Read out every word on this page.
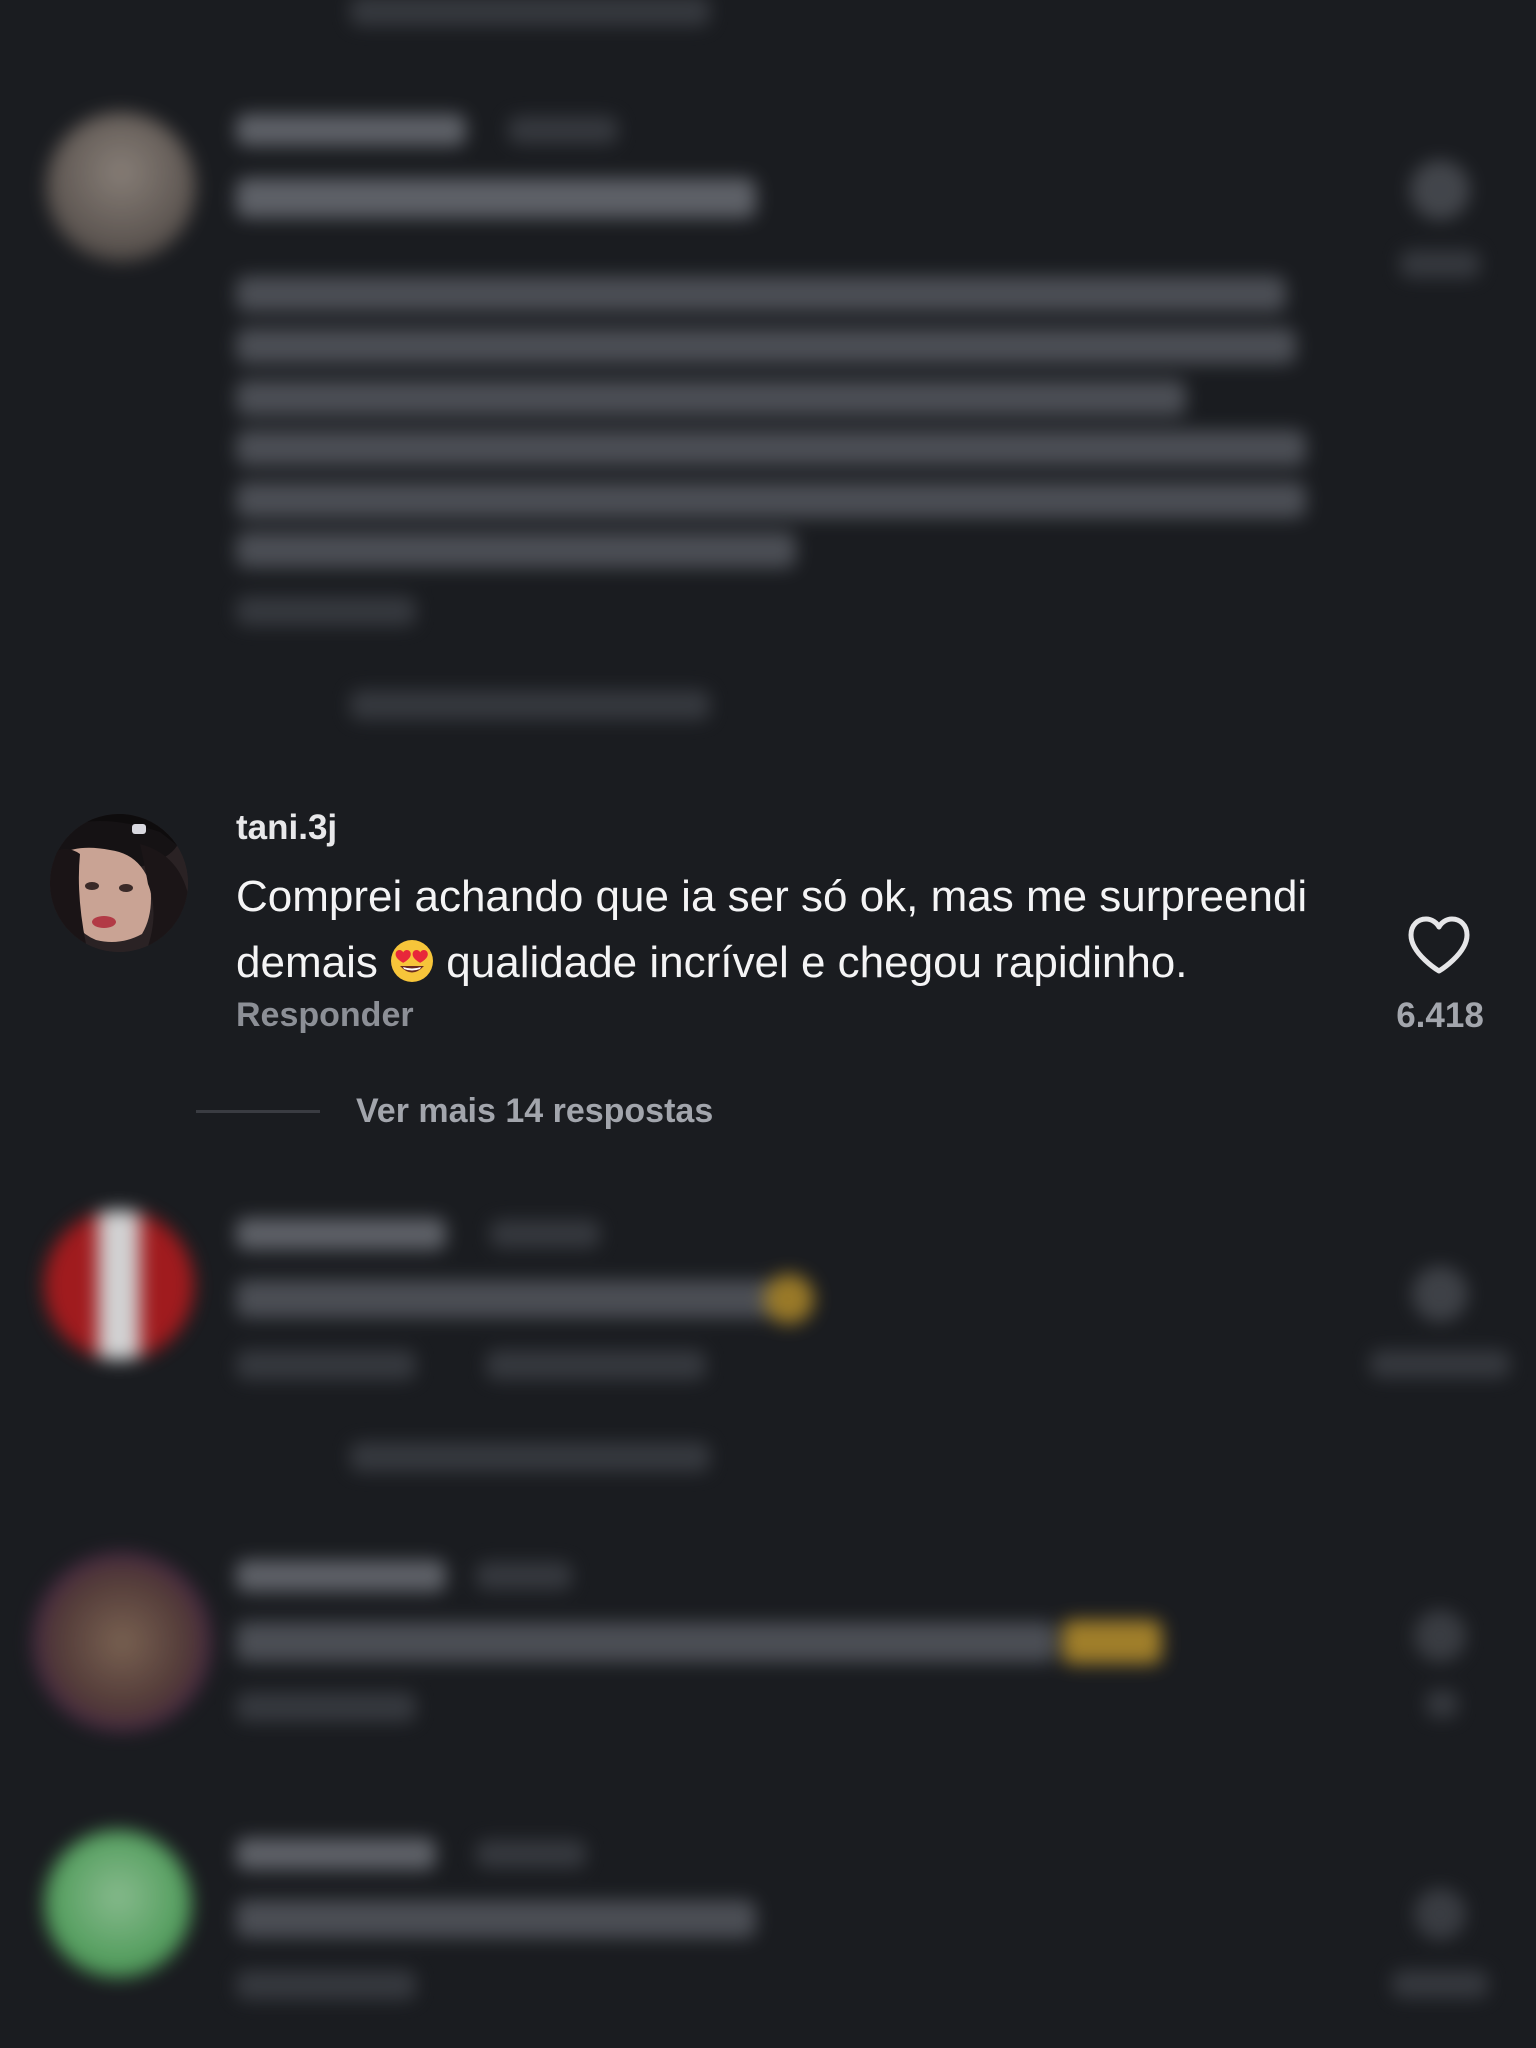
tani.3j
Comprei achando que ia ser só ok, mas me surpreendi demais  qualidade incrível e chegou rapidinho.
Responder	6.418
Ver mais 14 respostas
